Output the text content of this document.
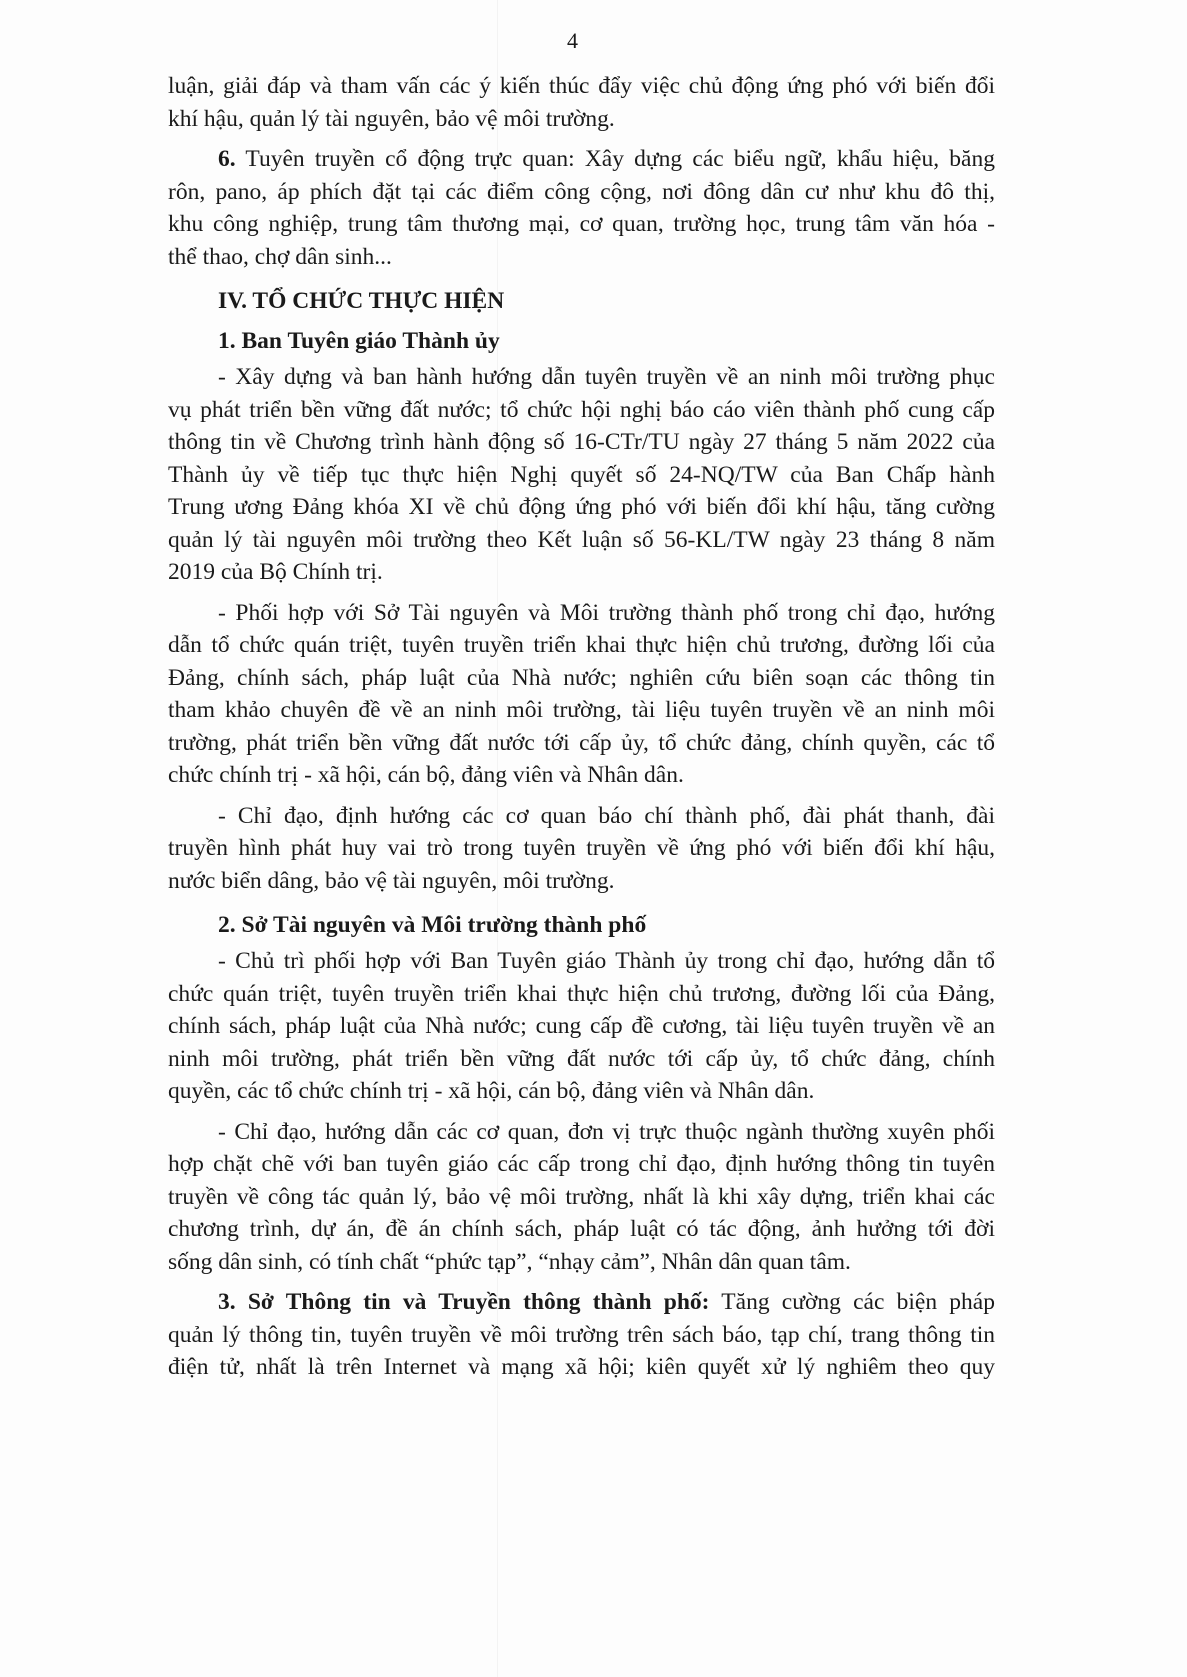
4
luận, giải đáp và tham vấn các ý kiến thúc đẩy việc chủ động ứng phó với biến đổi
khí hậu, quản lý tài nguyên, bảo vệ môi trường.
6. Tuyên truyền cổ động trực quan: Xây dựng các biểu ngữ, khẩu hiệu, băng
rôn, pano, áp phích đặt tại các điểm công cộng, nơi đông dân cư như khu đô thị,
khu công nghiệp, trung tâm thương mại, cơ quan, trường học, trung tâm văn hóa -
thể thao, chợ dân sinh...
IV. TỔ CHỨC THỰC HIỆN
1. Ban Tuyên giáo Thành ủy
- Xây dựng và ban hành hướng dẫn tuyên truyền về an ninh môi trường phục
vụ phát triển bền vững đất nước; tổ chức hội nghị báo cáo viên thành phố cung cấp
thông tin về Chương trình hành động số 16-CTr/TU ngày 27 tháng 5 năm 2022 của
Thành ủy về tiếp tục thực hiện Nghị quyết số 24-NQ/TW của Ban Chấp hành
Trung ương Đảng khóa XI về chủ động ứng phó với biến đổi khí hậu, tăng cường
quản lý tài nguyên môi trường theo Kết luận số 56-KL/TW ngày 23 tháng 8 năm
2019 của Bộ Chính trị.
- Phối hợp với Sở Tài nguyên và Môi trường thành phố trong chỉ đạo, hướng
dẫn tổ chức quán triệt, tuyên truyền triển khai thực hiện chủ trương, đường lối của
Đảng, chính sách, pháp luật của Nhà nước; nghiên cứu biên soạn các thông tin
tham khảo chuyên đề về an ninh môi trường, tài liệu tuyên truyền về an ninh môi
trường, phát triển bền vững đất nước tới cấp ủy, tổ chức đảng, chính quyền, các tổ
chức chính trị - xã hội, cán bộ, đảng viên và Nhân dân.
- Chỉ đạo, định hướng các cơ quan báo chí thành phố, đài phát thanh, đài
truyền hình phát huy vai trò trong tuyên truyền về ứng phó với biến đổi khí hậu,
nước biển dâng, bảo vệ tài nguyên, môi trường.
2. Sở Tài nguyên và Môi trường thành phố
- Chủ trì phối hợp với Ban Tuyên giáo Thành ủy trong chỉ đạo, hướng dẫn tổ
chức quán triệt, tuyên truyền triển khai thực hiện chủ trương, đường lối của Đảng,
chính sách, pháp luật của Nhà nước; cung cấp đề cương, tài liệu tuyên truyền về an
ninh môi trường, phát triển bền vững đất nước tới cấp ủy, tổ chức đảng, chính
quyền, các tổ chức chính trị - xã hội, cán bộ, đảng viên và Nhân dân.
- Chỉ đạo, hướng dẫn các cơ quan, đơn vị trực thuộc ngành thường xuyên phối
hợp chặt chẽ với ban tuyên giáo các cấp trong chỉ đạo, định hướng thông tin tuyên
truyền về công tác quản lý, bảo vệ môi trường, nhất là khi xây dựng, triển khai các
chương trình, dự án, đề án chính sách, pháp luật có tác động, ảnh hưởng tới đời
sống dân sinh, có tính chất “phức tạp”, “nhạy cảm”, Nhân dân quan tâm.
3. Sở Thông tin và Truyền thông thành phố: Tăng cường các biện pháp
quản lý thông tin, tuyên truyền về môi trường trên sách báo, tạp chí, trang thông tin
điện tử, nhất là trên Internet và mạng xã hội; kiên quyết xử lý nghiêm theo quy
